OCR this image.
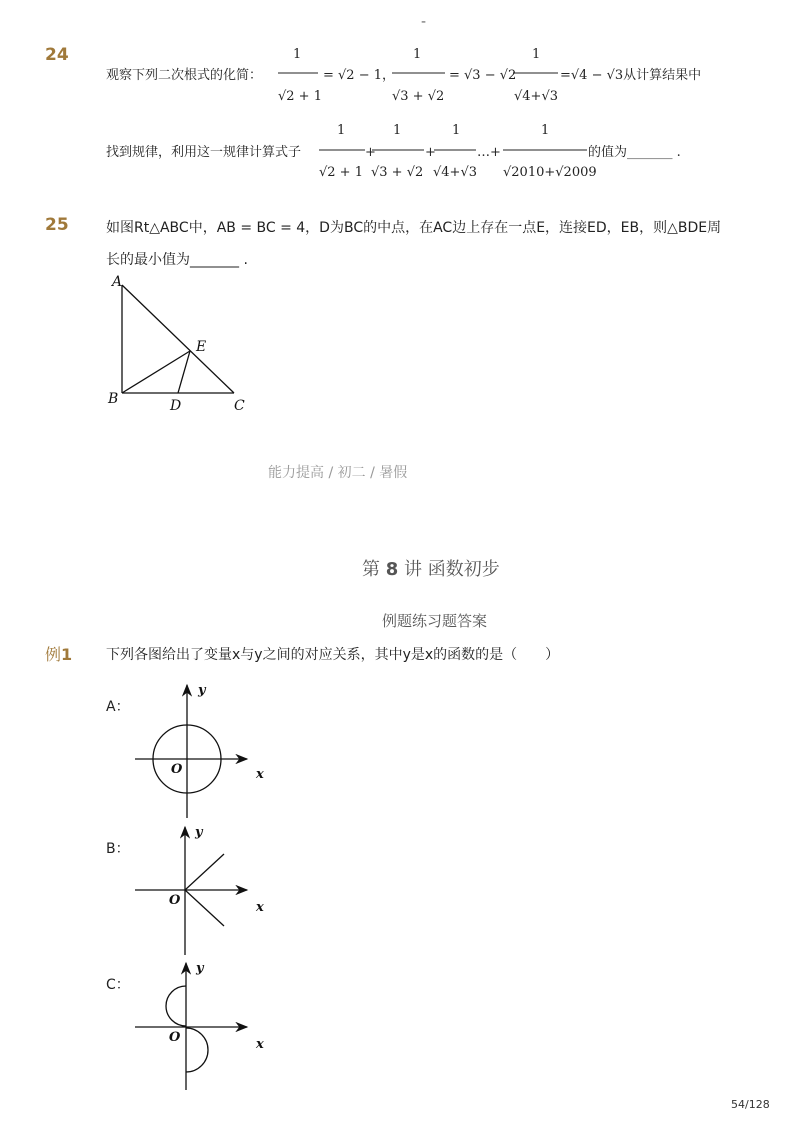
-
24
观察下列二次根式的化简：
1
√2 + 1
= √2 − 1，
1
√3 + √2
= √3 − √2
1
√4+√3
=√4 − √3从计算结果中
找到规律，利用这一规律计算式子
1
√2 + 1
+
1
√3 + √2
+
1
√4+√3
…+
1
√2010+√2009
的值为_______ .
25	如图Rt△ABC中，AB = BC = 4，D为BC的中点，在AC边上存在一点E，连接ED，EB，则△BDE周
长的最小值为_______ .
A
B	C
D
E
能力提高 / 初二 / 暑假
第 8 讲 函数初步
例题练习题答案
例1 下列各图给出了变量x与y之间的对应关系，其中y是x的函数的是（　　）
A：
x
y
O
B：
x
y
O
C：
x
y
O
54/128
